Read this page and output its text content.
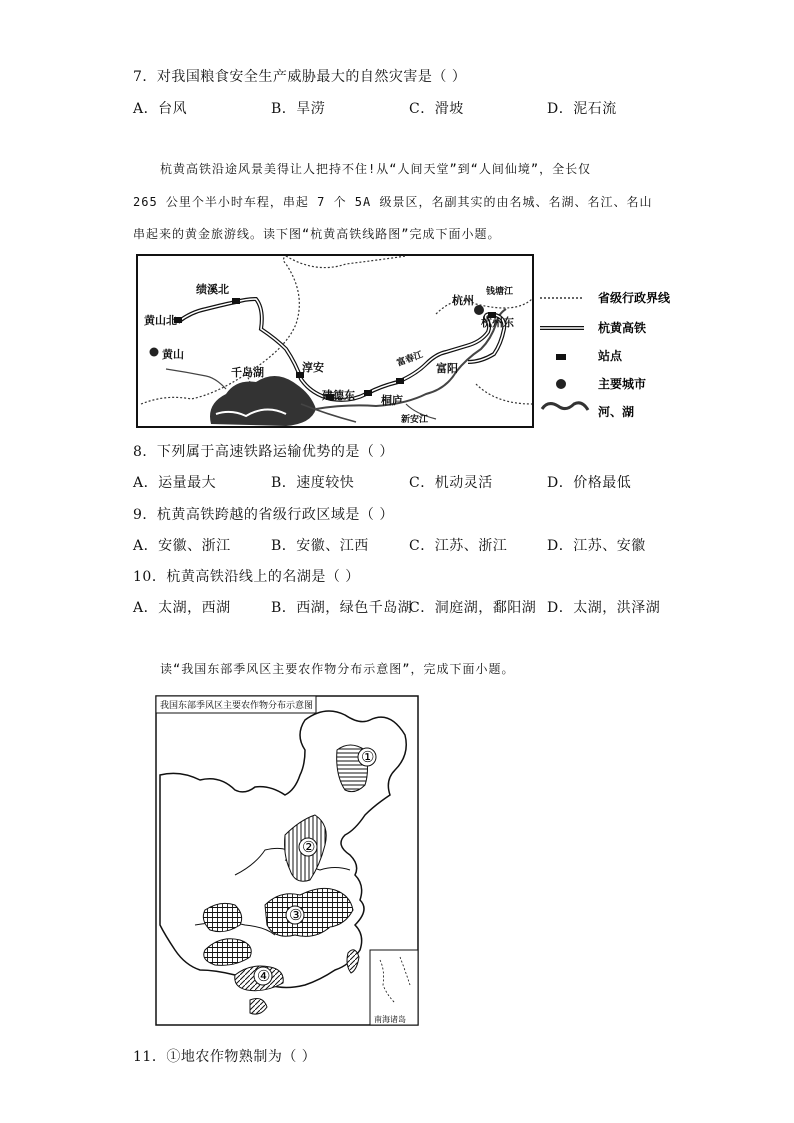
7．对我国粮食安全生产威胁最大的自然灾害是（ ）
A．台风	B．旱涝	C．滑坡	D．泥石流
杭黄高铁沿途风景美得让人把持不住!从“人间天堂”到“人间仙境”，全长仅
265 公里个半小时车程，串起 7 个 5A 级景区，名副其实的由名城、名湖、名江、名山
串起来的黄金旅游线。读下图“杭黄高铁线路图”完成下面小题。
黄山北
绩溪北
黄山
千岛湖	淳安
建德东 桐庐
富阳
杭州
杭州东
钱塘江
富春江
新安江
省级行政界线
杭黄高铁
站点
主要城市
河、湖
8．下列属于高速铁路运输优势的是（ ）
A．运量最大	B．速度较快	C．机动灵活	D．价格最低
9．杭黄高铁跨越的省级行政区域是（ ）
A．安徽、浙江	B．安徽、江西	C．江苏、浙江	D．江苏、安徽
10．杭黄高铁沿线上的名湖是（ ）
A．太湖，西湖	B．西湖，绿色千岛湖
C．洞庭湖，鄱阳湖 D．太湖，洪泽湖
读“我国东部季风区主要农作物分布示意图”，完成下面小题。
我国东部季风区主要农作物分布示意图
①
②
③
④
南海诸岛
11．①地农作物熟制为（ ）
